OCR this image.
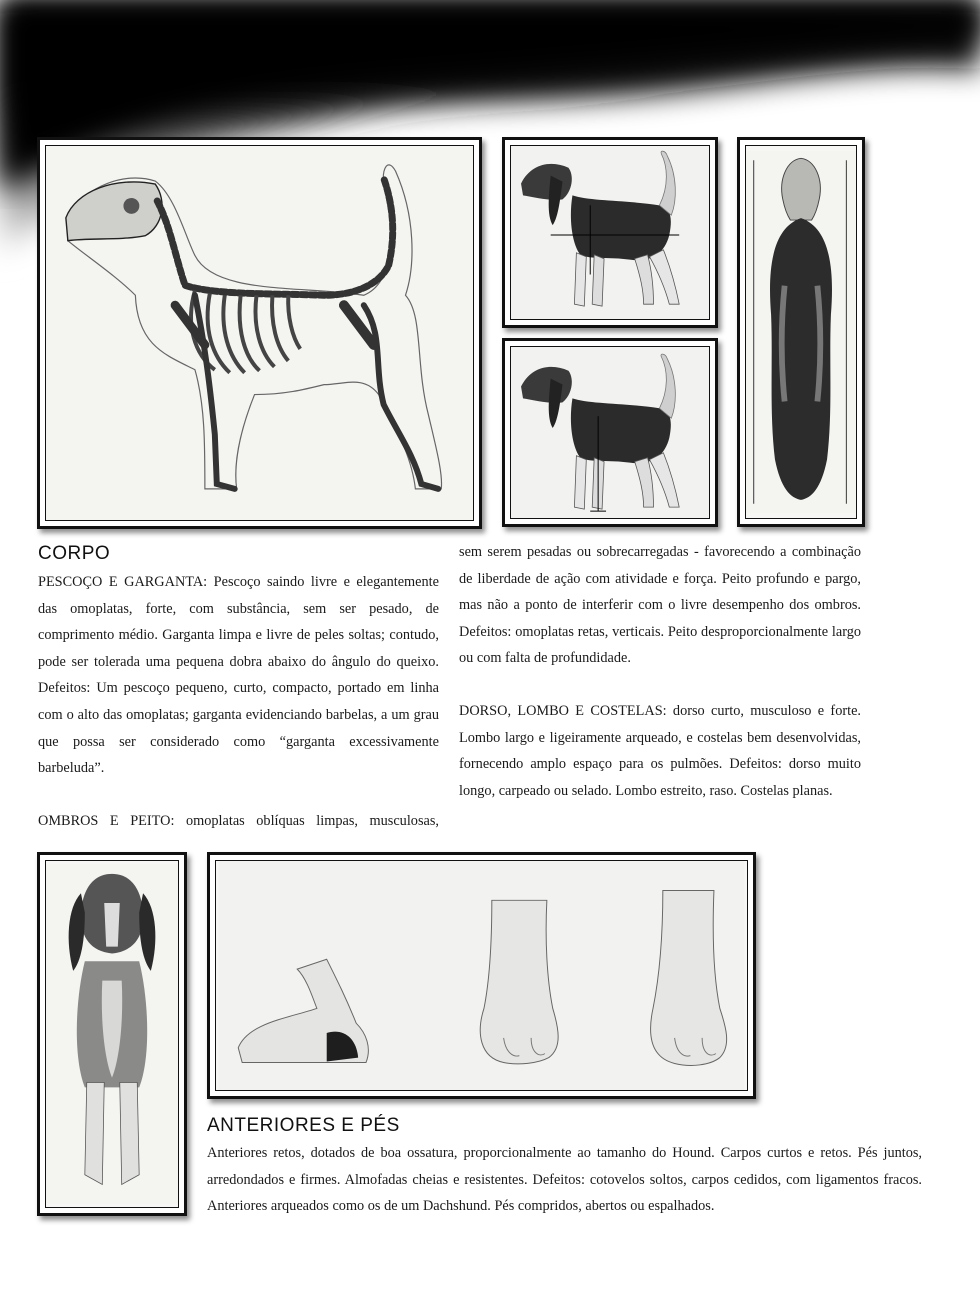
CORPO

PESCOÇO E GARGANTA: Pescoço saindo livre e elegantemente das omoplatas, forte, com substância, sem ser pesado, de comprimento médio. Garganta limpa e livre de peles soltas; contudo, pode ser tolerada uma pequena dobra abaixo do ângulo do queixo. Defeitos: Um pescoço pequeno, curto, compacto, portado em linha com o alto das omoplatas; garganta evidenciando barbelas, a um grau que possa ser considerado como “garganta excessivamente barbeluda”.

OMBROS E PEITO: omoplatas oblíquas limpas, musculosas,

sem serem pesadas ou sobrecarregadas - favorecendo a combinação de liberdade de ação com atividade e força. Peito profundo e pargo, mas não a ponto de interferir com o livre desempenho dos ombros. Defeitos: omoplatas retas, verticais. Peito desproporcionalmente largo ou com falta de profundidade.

DORSO, LOMBO E COSTELAS: dorso curto, musculoso e forte. Lombo largo e ligeiramente arqueado, e costelas bem desenvolvidas, fornecendo amplo espaço para os pulmões. Defeitos: dorso muito longo, carpeado ou selado. Lombo estreito, raso. Costelas planas.

ANTERIORES E PÉS

Anteriores retos, dotados de boa ossatura, proporcionalmente ao tamanho do Hound. Carpos curtos e retos. Pés juntos, arredondados e firmes. Almofadas cheias e resistentes. Defeitos: cotovelos soltos, carpos cedidos, com ligamentos fracos. Anteriores arqueados como os de um Dachshund. Pés compridos, abertos ou espalhados.
